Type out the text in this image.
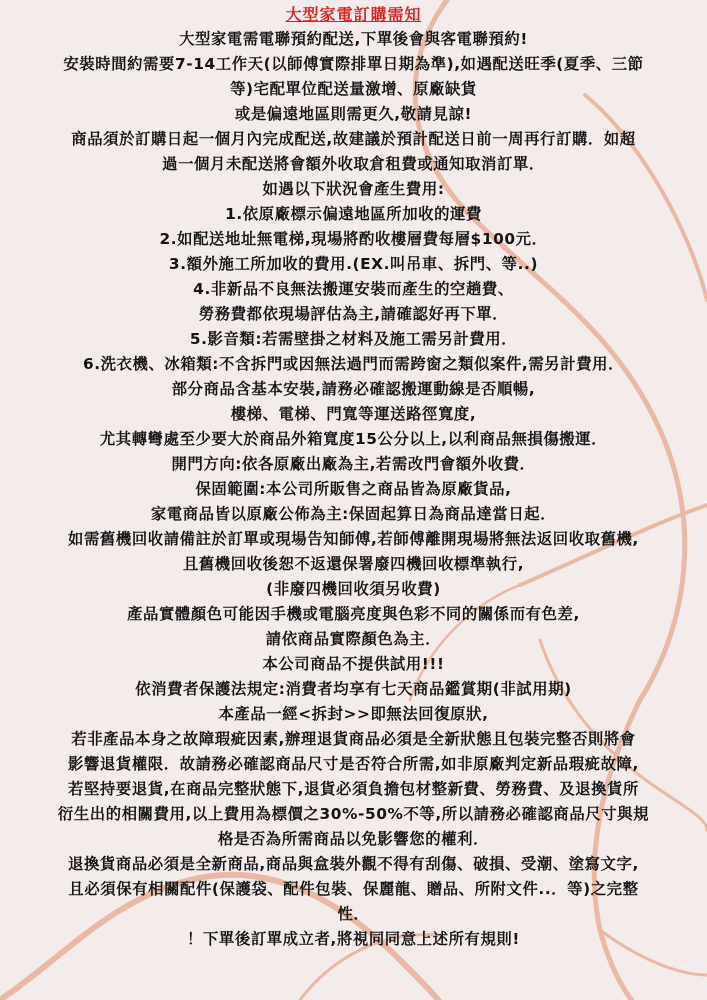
大型家電訂購需知
大型家電需電聯預約配送,下單後會與客電聯預約!
安裝時間約需要7-14工作天(以師傅實際排單日期為準),如遇配送旺季(夏季、三節
等)宅配單位配送量激增、原廠缺貨
或是偏遠地區則需更久,敬請見諒!
商品須於訂購日起一個月內完成配送,故建議於預計配送日前一周再行訂購．如超
過一個月未配送將會額外收取倉租費或通知取消訂單．
如遇以下狀況會產生費用:
1.依原廠標示偏遠地區所加收的運費
2.如配送地址無電梯,現場將酌收樓層費每層$100元．
3.額外施工所加收的費用.(EX.叫吊車、拆門、等..)
4.非新品不良無法搬運安裝而產生的空趟費、
勞務費都依現場評估為主,請確認好再下單．
5.影音類:若需壁掛之材料及施工需另計費用．
6.洗衣機、冰箱類:不含拆門或因無法過門而需跨窗之類似案件,需另計費用．
部分商品含基本安裝,請務必確認搬運動線是否順暢,
樓梯、電梯、門寬等運送路徑寬度,
尤其轉彎處至少要大於商品外箱寬度15公分以上,以利商品無損傷搬運．
開門方向:依各原廠出廠為主,若需改門會額外收費．
保固範圍:本公司所販售之商品皆為原廠貨品,
家電商品皆以原廠公佈為主:保固起算日為商品達當日起．
如需舊機回收請備註於訂單或現場告知師傅,若師傅離開現場將無法返回收取舊機,
且舊機回收後恕不返還保署廢四機回收標準執行,
(非廢四機回收須另收費)
產品實體顏色可能因手機或電腦亮度與色彩不同的關係而有色差,
請依商品實際顏色為主．
本公司商品不提供試用!!!
依消費者保護法規定:消費者均享有七天商品鑑賞期(非試用期)
本產品一經<拆封>>即無法回復原狀,
若非產品本身之故障瑕疵因素,辦理退貨商品必須是全新狀態且包裝完整否則將會
影響退貨權限．故請務必確認商品尺寸是否符合所需,如非原廠判定新品瑕疵故障,
若堅持要退貨,在商品完整狀態下,退貨必須負擔包材整新費、勞務費、及退換貨所
衍生出的相關費用,以上費用為標價之30%-50%不等,所以請務必確認商品尺寸與規
格是否為所需商品以免影響您的權利．
退換貨商品必須是全新商品,商品與盒裝外觀不得有刮傷、破損、受潮、塗寫文字,
且必須保有相關配件(保護袋、配件包裝、保麗龍、贈品、所附文件..．等)之完整
性．
！下單後訂單成立者,將視同同意上述所有規則!
